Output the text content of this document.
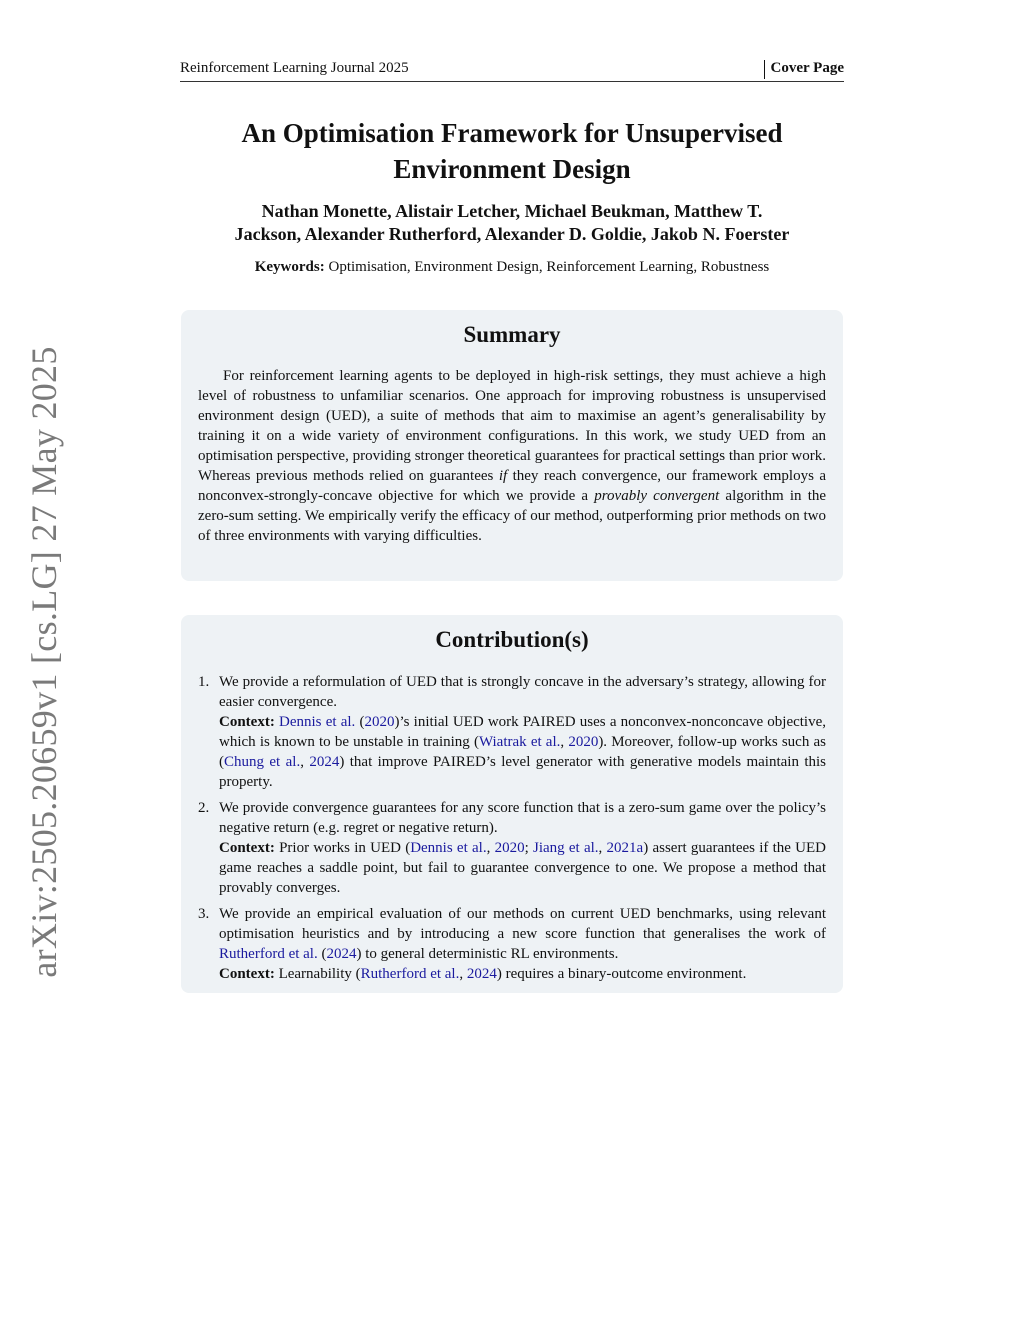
arXiv:2505.20659v1 [cs.LG] 27 May 2025
Reinforcement Learning Journal 2025	Cover Page
An Optimisation Framework for Unsupervised
Environment Design
Nathan Monette, Alistair Letcher, Michael Beukman, Matthew T.
Jackson, Alexander Rutherford, Alexander D. Goldie, Jakob N. Foerster
Keywords: Optimisation, Environment Design, Reinforcement Learning, Robustness
Summary

For reinforcement learning agents to be deployed in high-risk settings, they must achieve a high level of robustness to unfamiliar scenarios. One approach for improving robustness is unsupervised environment design (UED), a suite of methods that aim to maximise an agent’s generalisability by training it on a wide variety of environment configurations. In this work, we study UED from an optimisation perspective, providing stronger theoretical guarantees for practical settings than prior work. Whereas previous methods relied on guarantees if they reach convergence, our framework employs a nonconvex-strongly-concave objective for which we provide a provably convergent algorithm in the zero-sum setting. We empirically verify the efficacy of our method, outperforming prior methods on two of three environments with varying difficulties.

Contribution(s)
1. We provide a reformulation of UED that is strongly concave in the adversary’s strategy, allowing for easier convergence.
Context: Dennis et al. (2020)’s initial UED work PAIRED uses a nonconvex-nonconcave objective, which is known to be unstable in training (Wiatrak et al., 2020). Moreover, follow-up works such as (Chung et al., 2024) that improve PAIRED’s level generator with generative models maintain this property.
2. We provide convergence guarantees for any score function that is a zero-sum game over the policy’s negative return (e.g. regret or negative return).
Context: Prior works in UED (Dennis et al., 2020; Jiang et al., 2021a) assert guarantees if the UED game reaches a saddle point, but fail to guarantee convergence to one. We propose a method that provably converges.
3. We provide an empirical evaluation of our methods on current UED benchmarks, using relevant optimisation heuristics and by introducing a new score function that generalises the work of Rutherford et al. (2024) to general deterministic RL environments.
Context: Learnability (Rutherford et al., 2024) requires a binary-outcome environment.
